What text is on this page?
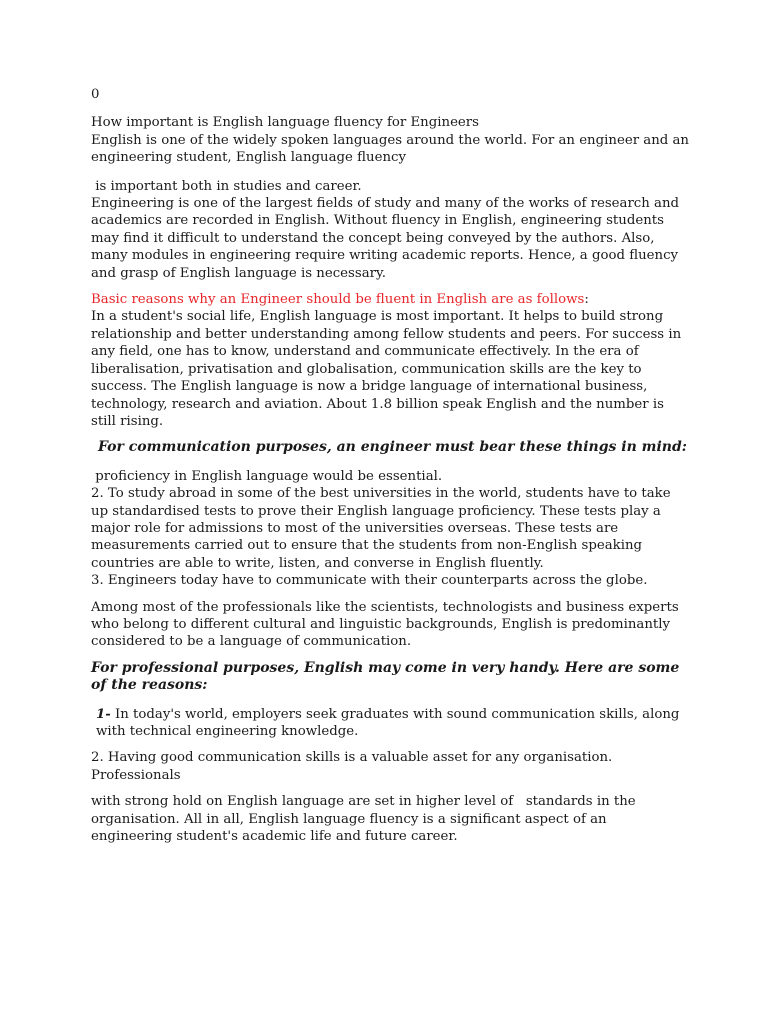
0

How important is English language fluency for Engineers

English is one of the widely spoken languages around the world. For an engineer and an engineering student, English language fluency

is important both in studies and career.

Engineering is one of the largest fields of study and many of the works of research and academics are recorded in English. Without fluency in English, engineering students may find it difficult to understand the concept being conveyed by the authors. Also, many modules in engineering require writing academic reports. Hence, a good fluency and grasp of English language is necessary.

Basic reasons why an Engineer should be fluent in English are as follows:

In a student's social life, English language is most important. It helps to build strong relationship and better understanding among fellow students and peers. For success in any field, one has to know, understand and communicate effectively. In the era of liberalisation, privatisation and globalisation, communication skills are the key to success. The English language is now a bridge language of international business, technology, research and aviation. About 1.8 billion speak English and the number is still rising.

For communication purposes, an engineer must bear these things in mind:

proficiency in English language would be essential.

2. To study abroad in some of the best universities in the world, students have to take up standardised tests to prove their English language proficiency. These tests play a major role for admissions to most of the universities overseas. These tests are measurements carried out to ensure that the students from non-English speaking countries are able to write, listen, and converse in English fluently.

3. Engineers today have to communicate with their counterparts across the globe.

Among most of the professionals like the scientists, technologists and business experts who belong to different cultural and linguistic backgrounds, English is predominantly considered to be a language of communication.

For professional purposes, English may come in very handy. Here are some of the reasons:

1- In today's world, employers seek graduates with sound communication skills, along with technical engineering knowledge.

2. Having good communication skills is a valuable asset for any organisation. Professionals

with strong hold on English language are set in higher level of   standards in the organisation. All in all, English language fluency is a significant aspect of an engineering student's academic life and future career.
